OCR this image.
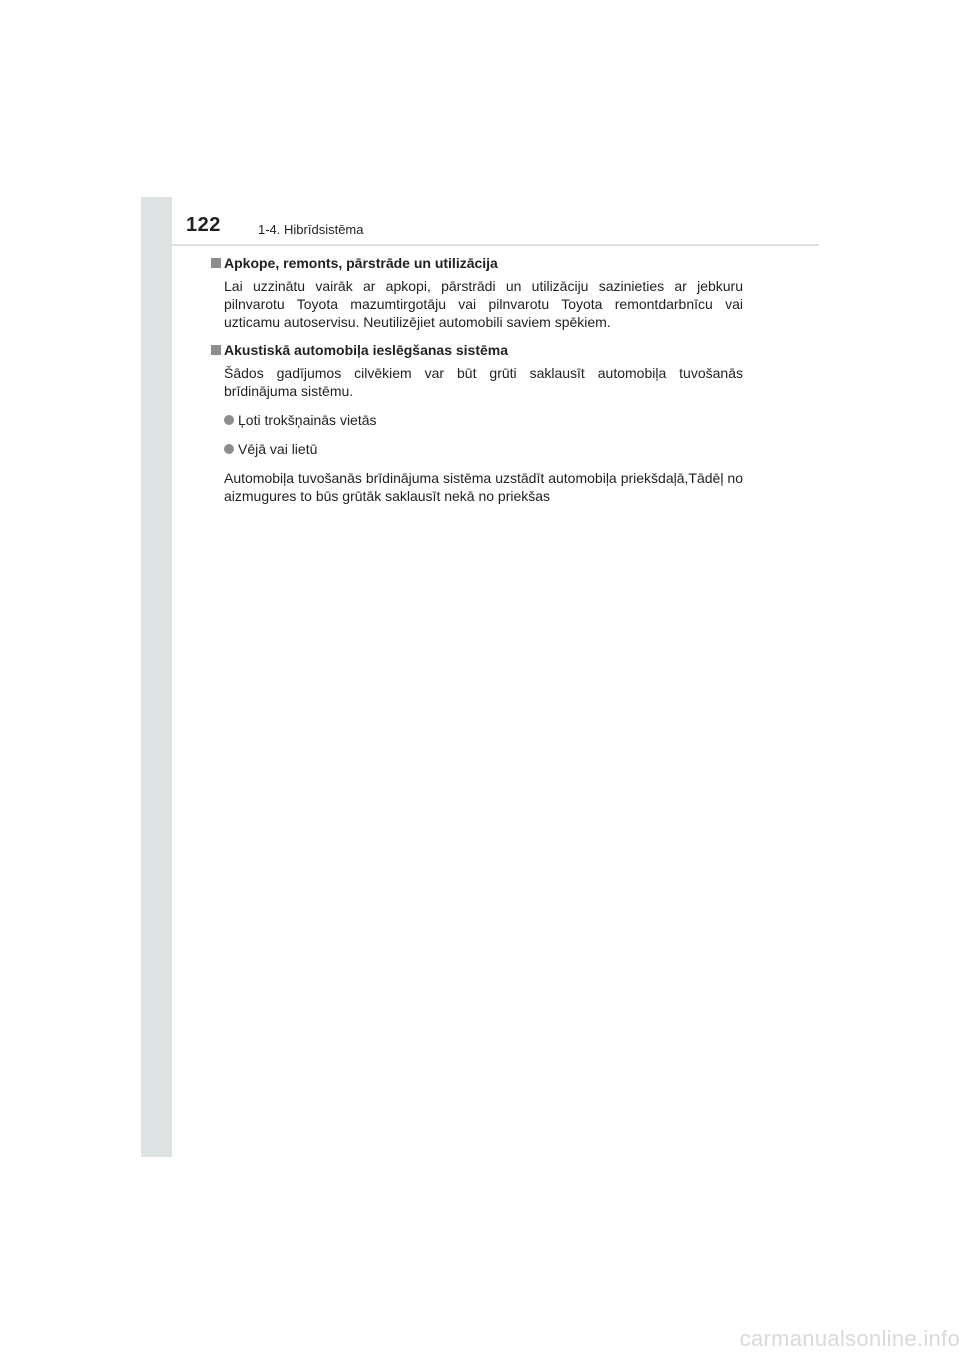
122	1-4. Hibrīdsistēma
Apkope, remonts, pārstrāde un utilizācija
Lai uzzinātu vairāk ar apkopi, pārstrādi un utilizāciju sazinieties ar jebkuru pilnvarotu Toyota mazumtirgotāju vai pilnvarotu Toyota remontdarbnīcu vai uzticamu autoservisu. Neutilizējiet automobili saviem spēkiem.
Akustiskā automobiļa ieslēgšanas sistēma
Šādos gadījumos cilvēkiem var būt grūti saklausīt automobiļa tuvošanās brīdinājuma sistēmu.
Ļoti trokšņainās vietās
Vējā vai lietū
Automobiļa tuvošanās brīdinājuma sistēma uzstādīt automobiļa priekšdaļā,Tādēļ no aizmugures to būs grūtāk saklausīt nekā no priekšas
carmanualsonline.info
